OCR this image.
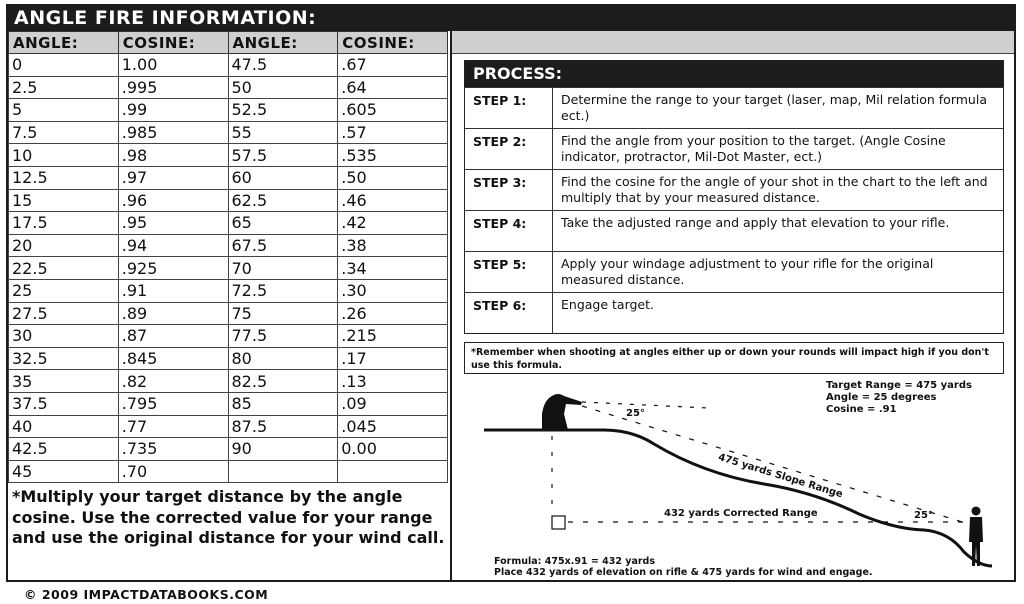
ANGLE FIRE INFORMATION:
ANGLE:	COSINE:	ANGLE:	COSINE:
0	1.00	47.5	.67
2.5	.995	50	.64
5	.99	52.5	.605
7.5	.985	55	.57
10	.98	57.5	.535
12.5	.97	60	.50
15	.96	62.5	.46
17.5	.95	65	.42
20	.94	67.5	.38
22.5	.925	70	.34
25	.91	72.5	.30
27.5	.89	75	.26
30	.87	77.5	.215
32.5	.845	80	.17
35	.82	82.5	.13
37.5	.795	85	.09
40	.77	87.5	.045
42.5	.735	90	0.00
45	.70		
*Multiply your target distance by the angle cosine. Use the corrected value for your range and use the original distance for your wind call.
PROCESS:
STEP 1:	Determine the range to your target (laser, map, Mil relation formula ect.)
STEP 2:	Find the angle from your position to the target. (Angle Cosine indicator, protractor, Mil-Dot Master, ect.)
STEP 3:	Find the cosine for the angle of your shot in the chart to the left and multiply that by your measured distance.
STEP 4:	Take the adjusted range and apply that elevation to your rifle.
STEP 5:	Apply your windage adjustment to your rifle for the original measured distance.
STEP 6:	Engage target.
*Remember when shooting at angles either up or down your rounds will impact high if you don't use this formula.
Target Range = 475 yards
Angle = 25 degrees
Cosine = .91
25°
25°
475 yards Slope Range
432 yards Corrected Range
Formula: 475x.91 = 432 yards
Place 432 yards of elevation on rifle & 475 yards for wind and engage.
© 2009 IMPACTDATABOOKS.COM
